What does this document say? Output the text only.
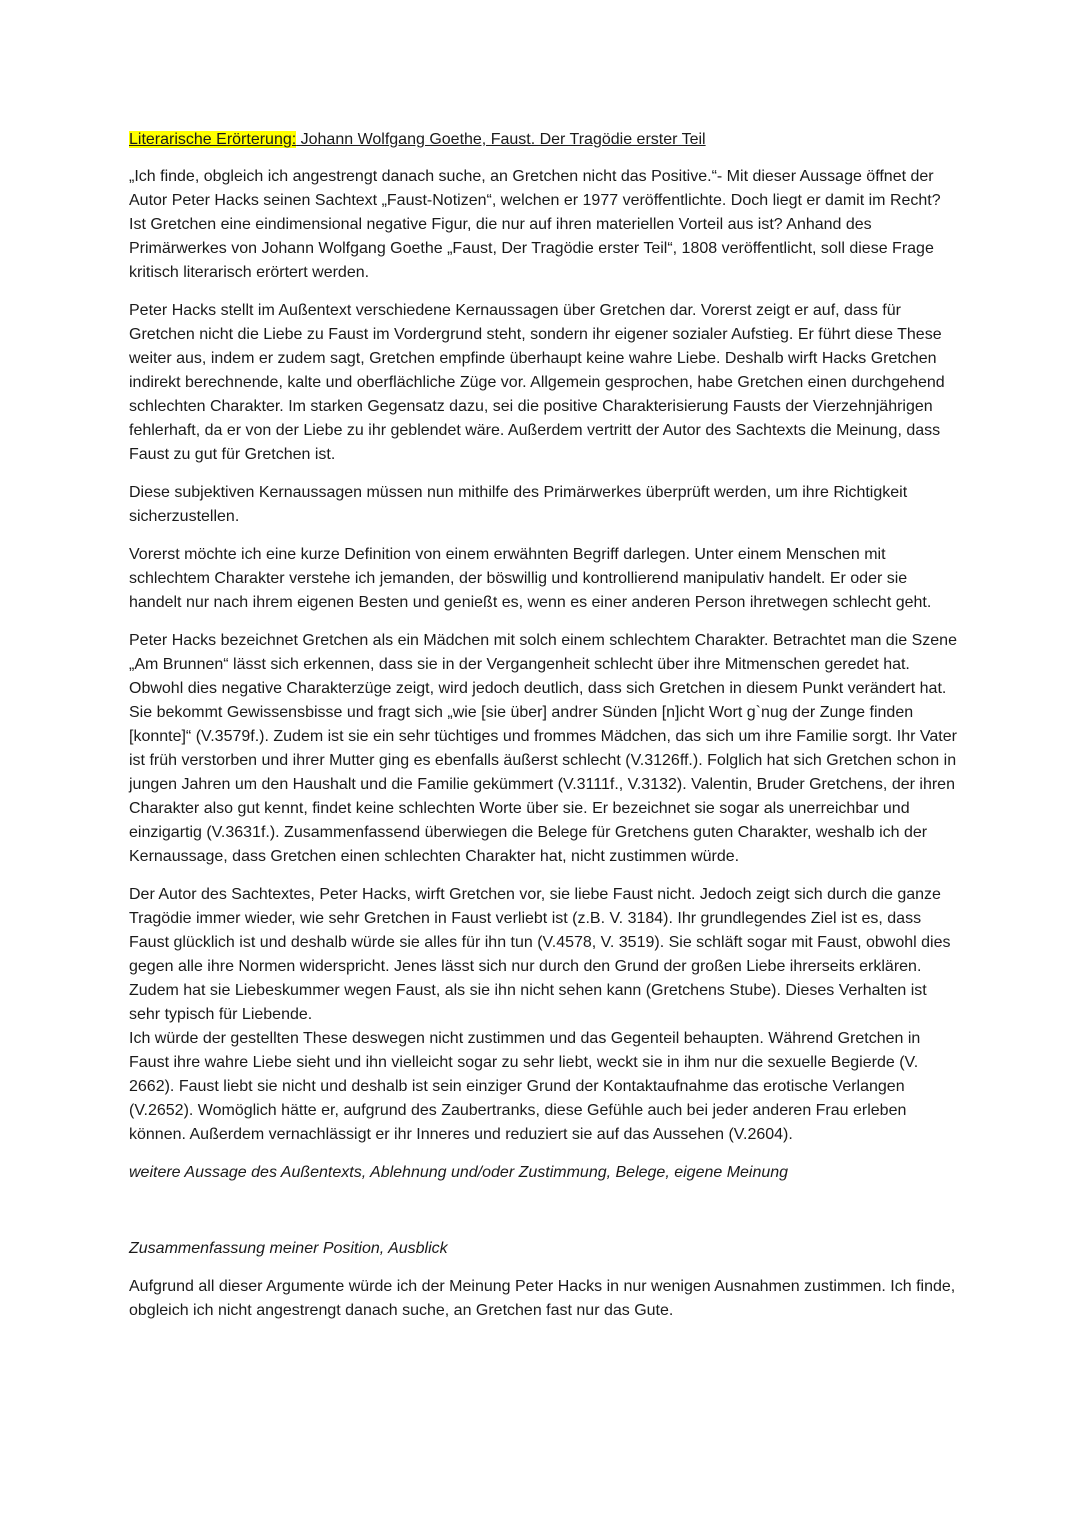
Literarische Erörterung: Johann Wolfgang Goethe, Faust. Der Tragödie erster Teil

„Ich finde, obgleich ich angestrengt danach suche, an Gretchen nicht das Positive.“- Mit dieser Aussage öffnet der Autor Peter Hacks seinen Sachtext „Faust-Notizen“, welchen er 1977 veröffentlichte. Doch liegt er damit im Recht? Ist Gretchen eine eindimensional negative Figur, die nur auf ihren materiellen Vorteil aus ist? Anhand des Primärwerkes von Johann Wolfgang Goethe „Faust, Der Tragödie erster Teil“, 1808 veröffentlicht, soll diese Frage kritisch literarisch erörtert werden.

Peter Hacks stellt im Außentext verschiedene Kernaussagen über Gretchen dar. Vorerst zeigt er auf, dass für Gretchen nicht die Liebe zu Faust im Vordergrund steht, sondern ihr eigener sozialer Aufstieg. Er führt diese These weiter aus, indem er zudem sagt, Gretchen empfinde überhaupt keine wahre Liebe. Deshalb wirft Hacks Gretchen indirekt berechnende, kalte und oberflächliche Züge vor. Allgemein gesprochen, habe Gretchen einen durchgehend schlechten Charakter. Im starken Gegensatz dazu, sei die positive Charakterisierung Fausts der Vierzehnjährigen fehlerhaft, da er von der Liebe zu ihr geblendet wäre. Außerdem vertritt der Autor des Sachtexts die Meinung, dass Faust zu gut für Gretchen ist.

Diese subjektiven Kernaussagen müssen nun mithilfe des Primärwerkes überprüft werden, um ihre Richtigkeit sicherzustellen.

Vorerst möchte ich eine kurze Definition von einem erwähnten Begriff darlegen. Unter einem Menschen mit schlechtem Charakter verstehe ich jemanden, der böswillig und kontrollierend manipulativ handelt. Er oder sie handelt nur nach ihrem eigenen Besten und genießt es, wenn es einer anderen Person ihretwegen schlecht geht.

Peter Hacks bezeichnet Gretchen als ein Mädchen mit solch einem schlechtem Charakter. Betrachtet man die Szene „Am Brunnen“ lässt sich erkennen, dass sie in der Vergangenheit schlecht über ihre Mitmenschen geredet hat. Obwohl dies negative Charakterzüge zeigt, wird jedoch deutlich, dass sich Gretchen in diesem Punkt verändert hat. Sie bekommt Gewissensbisse und fragt sich „wie [sie über] andrer Sünden [n]icht Wort g`nug der Zunge finden [konnte]“ (V.3579f.). Zudem ist sie ein sehr tüchtiges und frommes Mädchen, das sich um ihre Familie sorgt. Ihr Vater ist früh verstorben und ihrer Mutter ging es ebenfalls äußerst schlecht (V.3126ff.). Folglich hat sich Gretchen schon in jungen Jahren um den Haushalt und die Familie gekümmert (V.3111f., V.3132). Valentin, Bruder Gretchens, der ihren Charakter also gut kennt, findet keine schlechten Worte über sie. Er bezeichnet sie sogar als unerreichbar und einzigartig (V.3631f.). Zusammenfassend überwiegen die Belege für Gretchens guten Charakter, weshalb ich der Kernaussage, dass Gretchen einen schlechten Charakter hat, nicht zustimmen würde.

Der Autor des Sachtextes, Peter Hacks, wirft Gretchen vor, sie liebe Faust nicht. Jedoch zeigt sich durch die ganze Tragödie immer wieder, wie sehr Gretchen in Faust verliebt ist (z.B. V. 3184). Ihr grundlegendes Ziel ist es, dass Faust glücklich ist und deshalb würde sie alles für ihn tun (V.4578, V. 3519). Sie schläft sogar mit Faust, obwohl dies gegen alle ihre Normen widerspricht. Jenes lässt sich nur durch den Grund der großen Liebe ihrerseits erklären. Zudem hat sie Liebeskummer wegen Faust, als sie ihn nicht sehen kann (Gretchens Stube). Dieses Verhalten ist sehr typisch für Liebende.

Ich würde der gestellten These deswegen nicht zustimmen und das Gegenteil behaupten. Während Gretchen in Faust ihre wahre Liebe sieht und ihn vielleicht sogar zu sehr liebt, weckt sie in ihm nur die sexuelle Begierde (V. 2662). Faust liebt sie nicht und deshalb ist sein einziger Grund der Kontaktaufnahme das erotische Verlangen (V.2652). Womöglich hätte er, aufgrund des Zaubertranks, diese Gefühle auch bei jeder anderen Frau erleben können. Außerdem vernachlässigt er ihr Inneres und reduziert sie auf das Aussehen (V.2604).

weitere Aussage des Außentexts, Ablehnung und/oder Zustimmung, Belege, eigene Meinung

Zusammenfassung meiner Position, Ausblick

Aufgrund all dieser Argumente würde ich der Meinung Peter Hacks in nur wenigen Ausnahmen zustimmen. Ich finde, obgleich ich nicht angestrengt danach suche, an Gretchen fast nur das Gute.
